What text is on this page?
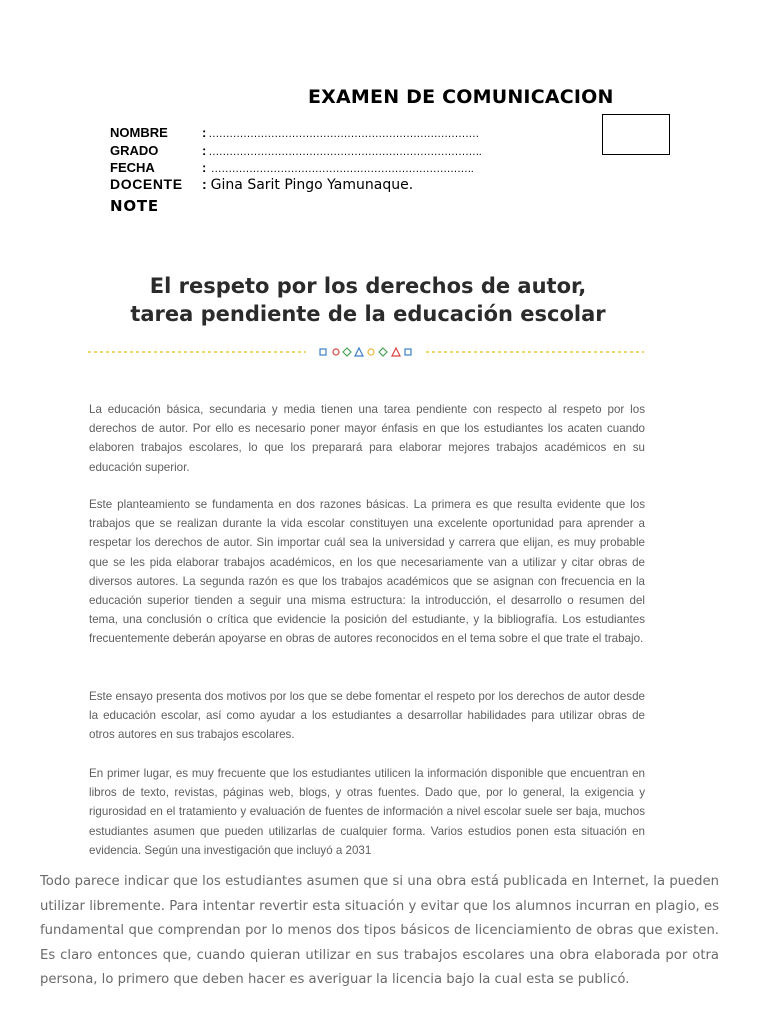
EXAMEN DE COMUNICACION
NOMBRE	: ……………………………………………………………………
GRADO	: …………………………………………………………………….
FECHA	: ………………………………………………………………….
DOCENTE : Gina Sarit Pingo Yamunaque.
NOTE
El respeto por los derechos de autor,
tarea pendiente de la educación escolar
La educación básica, secundaria y media tienen una tarea pendiente con respecto al respeto por los derechos de autor. Por ello es necesario poner mayor énfasis en que los estudiantes los acaten cuando elaboren trabajos escolares, lo que los preparará para elaborar mejores trabajos académicos en su educación superior.
Este planteamiento se fundamenta en dos razones básicas. La primera es que resulta evidente que los trabajos que se realizan durante la vida escolar constituyen una excelente oportunidad para aprender a respetar los derechos de autor. Sin importar cuál sea la universidad y carrera que elijan, es muy probable que se les pida elaborar trabajos académicos, en los que necesariamente van a utilizar y citar obras de diversos autores. La segunda razón es que los trabajos académicos que se asignan con frecuencia en la educación superior tienden a seguir una misma estructura: la introducción, el desarrollo o resumen del tema, una conclusión o crítica que evidencie la posición del estudiante, y la bibliografía. Los estudiantes frecuentemente deberán apoyarse en obras de autores reconocidos en el tema sobre el que trate el trabajo.
Este ensayo presenta dos motivos por los que se debe fomentar el respeto por los derechos de autor desde la educación escolar, así como ayudar a los estudiantes a desarrollar habilidades para utilizar obras de otros autores en sus trabajos escolares.
En primer lugar, es muy frecuente que los estudiantes utilicen la información disponible que encuentran en libros de texto, revistas, páginas web, blogs, y otras fuentes. Dado que, por lo general, la exigencia y rigurosidad en el tratamiento y evaluación de fuentes de información a nivel escolar suele ser baja, muchos estudiantes asumen que pueden utilizarlas de cualquier forma. Varios estudios ponen esta situación en evidencia. Según una investigación que incluyó a 2031
Todo parece indicar que los estudiantes asumen que si una obra está publicada en Internet, la pueden utilizar libremente. Para intentar revertir esta situación y evitar que los alumnos incurran en plagio, es fundamental que comprendan por lo menos dos tipos básicos de licenciamiento de obras que existen. Es claro entonces que, cuando quieran utilizar en sus trabajos escolares una obra elaborada por otra persona, lo primero que deben hacer es averiguar la licencia bajo la cual esta se publicó.
